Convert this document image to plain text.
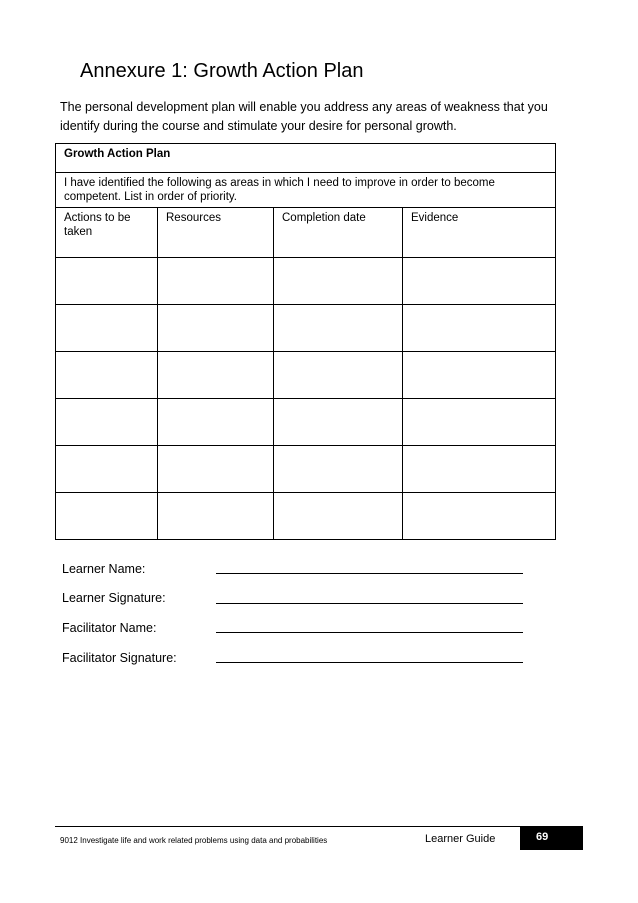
Annexure 1: Growth Action Plan
The personal development plan will enable you address any areas of weakness that you identify during the course and stimulate your desire for personal growth.
Growth Action Plan			
I have identified the following as areas in which I need to improve in order to become competent. List in order of priority.			
Actions to be taken	Resources	Completion date	Evidence

Learner Name:
Learner Signature:
Facilitator Name:
Facilitator Signature:
9012 Investigate life and work related problems using data and probabilities	Learner Guide	69
